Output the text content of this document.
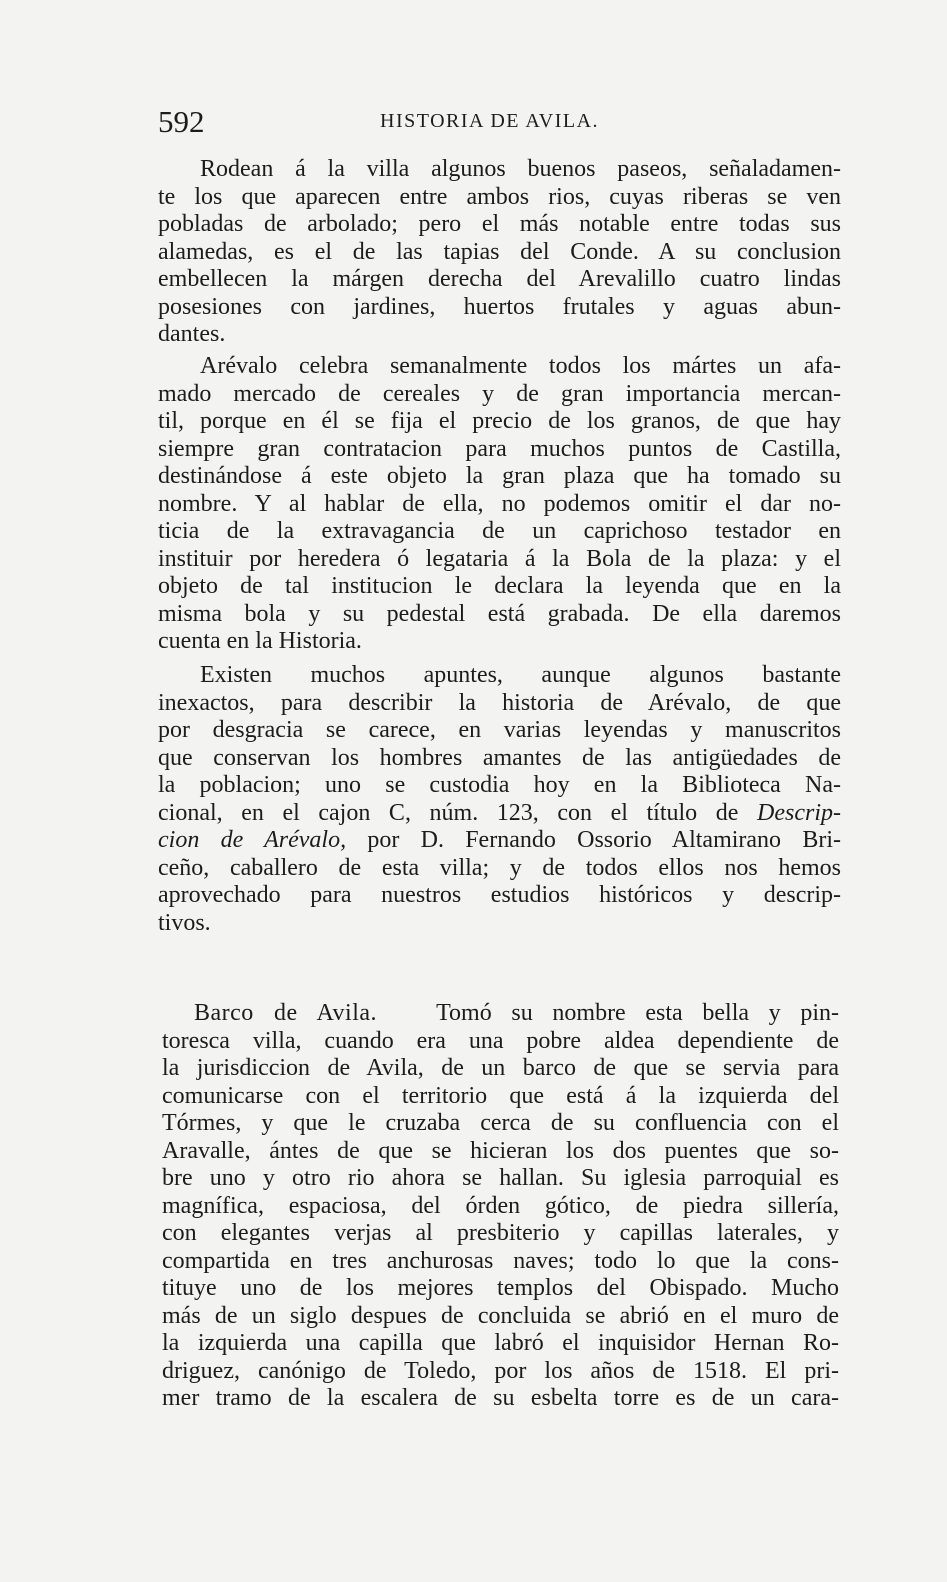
592	HISTORIA DE AVILA.
Rodean á la villa algunos buenos paseos, señaladamen-
te los que aparecen entre ambos rios, cuyas riberas se ven
pobladas de arbolado; pero el más notable entre todas sus
alamedas, es el de las tapias del Conde. A su conclusion
embellecen la márgen derecha del Arevalillo cuatro lindas
posesiones con jardines, huertos frutales y aguas abun-
dantes.
Arévalo celebra semanalmente todos los mártes un afa-
mado mercado de cereales y de gran importancia mercan-
til, porque en él se fija el precio de los granos, de que hay
siempre gran contratacion para muchos puntos de Castilla,
destinándose á este objeto la gran plaza que ha tomado su
nombre. Y al hablar de ella, no podemos omitir el dar no-
ticia de la extravagancia de un caprichoso testador en
instituir por heredera ó legataria á la Bola de la plaza: y el
objeto de tal institucion le declara la leyenda que en la
misma bola y su pedestal está grabada. De ella daremos
cuenta en la Historia.
Existen muchos apuntes, aunque algunos bastante
inexactos, para describir la historia de Arévalo, de que
por desgracia se carece, en varias leyendas y manuscritos
que conservan los hombres amantes de las antigüedades de
la poblacion; uno se custodia hoy en la Biblioteca Na-
cional, en el cajon C, núm. 123, con el título de Descrip-
cion de Arévalo, por D. Fernando Ossorio Altamirano Bri-
ceño, caballero de esta villa; y de todos ellos nos hemos
aprovechado para nuestros estudios históricos y descrip-
tivos.
Barco de Avila. Tomó su nombre esta bella y pin-
toresca villa, cuando era una pobre aldea dependiente de
la jurisdiccion de Avila, de un barco de que se servia para
comunicarse con el territorio que está á la izquierda del
Tórmes, y que le cruzaba cerca de su confluencia con el
Aravalle, ántes de que se hicieran los dos puentes que so-
bre uno y otro rio ahora se hallan. Su iglesia parroquial es
magnífica, espaciosa, del órden gótico, de piedra sillería,
con elegantes verjas al presbiterio y capillas laterales, y
compartida en tres anchurosas naves; todo lo que la cons-
tituye uno de los mejores templos del Obispado. Mucho
más de un siglo despues de concluida se abrió en el muro de
la izquierda una capilla que labró el inquisidor Hernan Ro-
driguez, canónigo de Toledo, por los años de 1518. El pri-
mer tramo de la escalera de su esbelta torre es de un cara-
